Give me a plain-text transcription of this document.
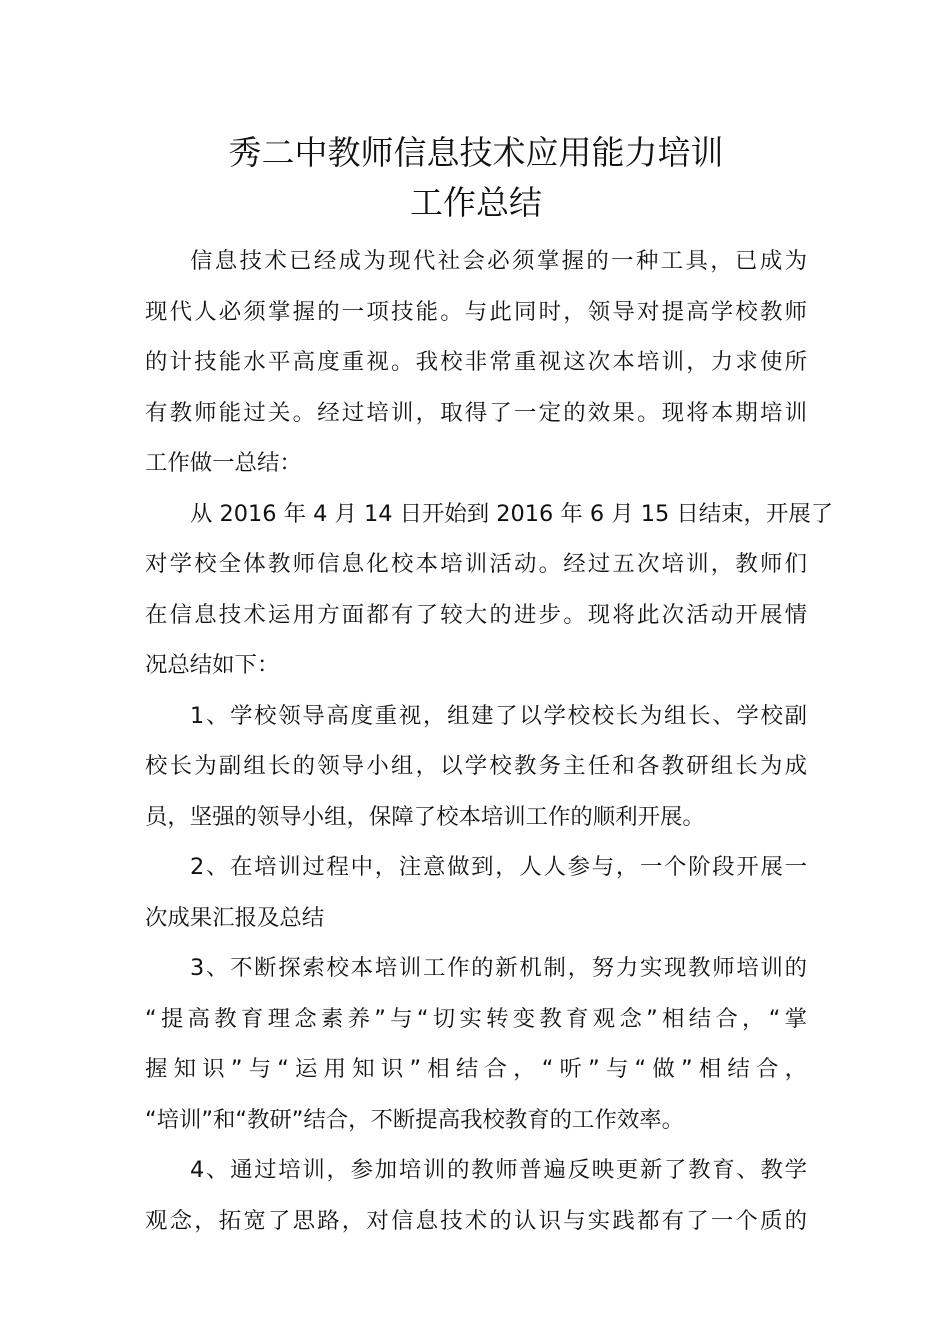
秀二中教师信息技术应用能力培训
工作总结

信息技术已经成为现代社会必须掌握的一种工具，已成为
现代人必须掌握的一项技能。与此同时，领导对提高学校教师
的计技能水平高度重视。我校非常重视这次本培训，力求使所
有教师能过关。经过培训，取得了一定的效果。现将本期培训
工作做一总结：

从 2016 年 4 月 14 日开始到 2016 年 6 月 15 日结束，开展了
对学校全体教师信息化校本培训活动。经过五次培训，教师们
在信息技术运用方面都有了较大的进步。现将此次活动开展情
况总结如下：

1、学校领导高度重视，组建了以学校校长为组长、学校副
校长为副组长的领导小组，以学校教务主任和各教研组长为成
员，坚强的领导小组，保障了校本培训工作的顺利开展。

2、在培训过程中，注意做到，人人参与，一个阶段开展一
次成果汇报及总结

3、不断探索校本培训工作的新机制，努力实现教师培训的
“提高教育理念素养”与“切实转变教育观念”相结合，“掌
握知识”与“运用知识”相结合，“听”与“做”相结合，
“培训”和“教研”结合，不断提高我校教育的工作效率。

4、通过培训，参加培训的教师普遍反映更新了教育、教学
观念，拓宽了思路，对信息技术的认识与实践都有了一个质的
